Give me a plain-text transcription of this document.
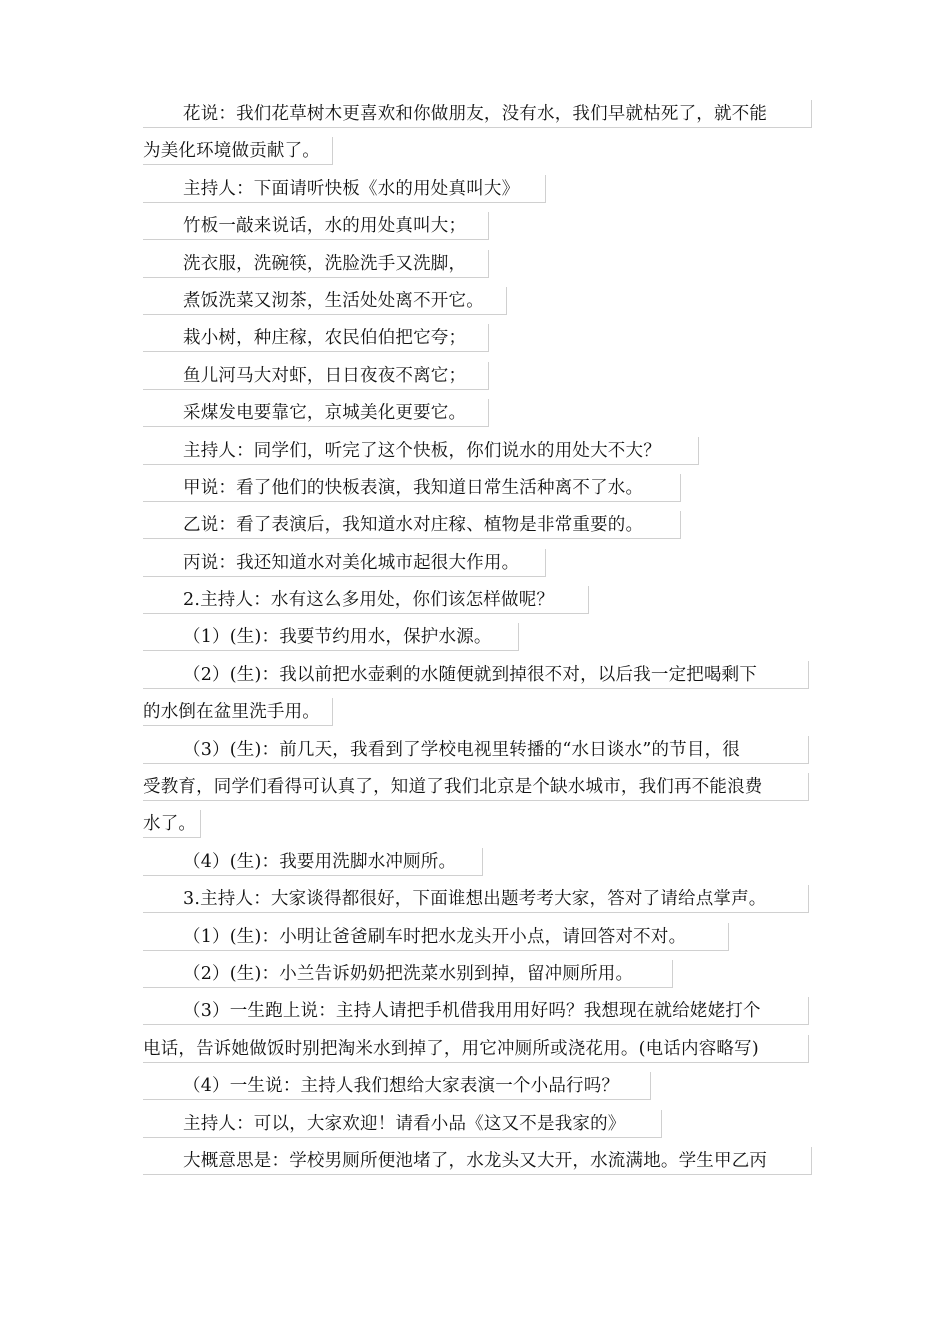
花说：我们花草树木更喜欢和你做朋友，没有水，我们早就枯死了，就不能
为美化环境做贡献了。
主持人：下面请听快板《水的用处真叫大》
竹板一敲来说话，水的用处真叫大；
洗衣服，洗碗筷，洗脸洗手又洗脚，
煮饭洗菜又沏茶，生活处处离不开它。
栽小树，种庄稼，农民伯伯把它夸；
鱼儿河马大对虾，日日夜夜不离它；
采煤发电要靠它，京城美化更要它。
主持人：同学们，听完了这个快板，你们说水的用处大不大？
甲说：看了他们的快板表演，我知道日常生活种离不了水。
乙说：看了表演后，我知道水对庄稼、植物是非常重要的。
丙说：我还知道水对美化城市起很大作用。
2.主持人：水有这么多用处，你们该怎样做呢？
（1）(生)：我要节约用水，保护水源。
（2）(生)：我以前把水壶剩的水随便就到掉很不对，以后我一定把喝剩下
的水倒在盆里洗手用。
（3）(生)：前几天，我看到了学校电视里转播的“水日谈水”的节目，很
受教育，同学们看得可认真了，知道了我们北京是个缺水城市，我们再不能浪费
水了。
（4）(生)：我要用洗脚水冲厕所。
3.主持人：大家谈得都很好，下面谁想出题考考大家，答对了请给点掌声。
（1）(生)：小明让爸爸刷车时把水龙头开小点，请回答对不对。
（2）(生)：小兰告诉奶奶把洗菜水别到掉，留冲厕所用。
（3）一生跑上说：主持人请把手机借我用用好吗？我想现在就给姥姥打个
电话，告诉她做饭时别把淘米水到掉了，用它冲厕所或浇花用。(电话内容略写)
（4）一生说：主持人我们想给大家表演一个小品行吗？
主持人：可以，大家欢迎！请看小品《这又不是我家的》
大概意思是：学校男厕所便池堵了，水龙头又大开，水流满地。学生甲乙丙
